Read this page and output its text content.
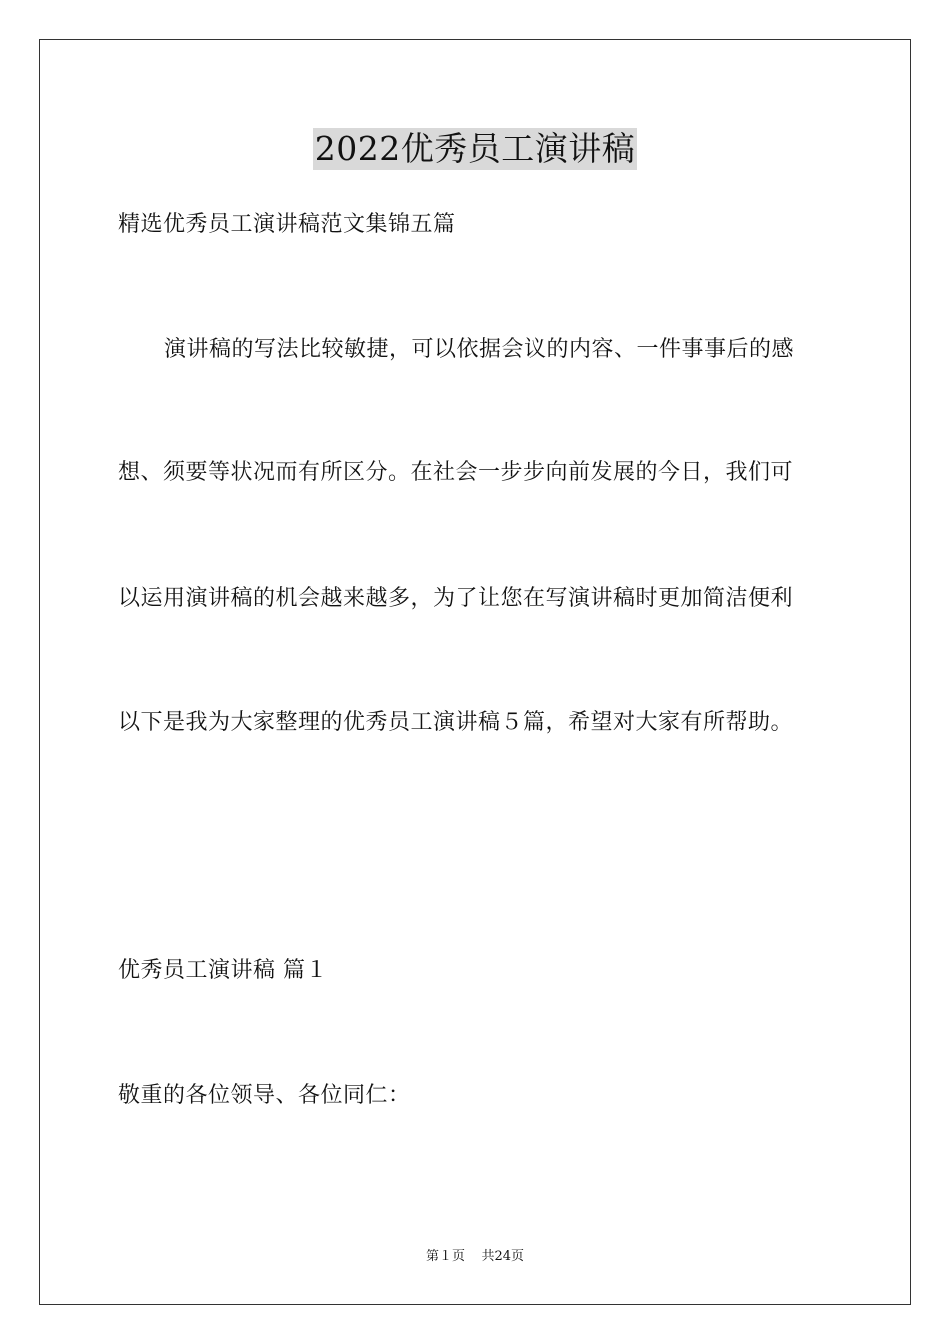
2022优秀员工演讲稿
精选优秀员工演讲稿范文集锦五篇
演讲稿的写法比较敏捷，可以依据会议的内容、一件事事后的感
想、须要等状况而有所区分。在社会一步步向前发展的今日，我们可
以运用演讲稿的机会越来越多，为了让您在写演讲稿时更加简洁便利
以下是我为大家整理的优秀员工演讲稿５篇，希望对大家有所帮助。
优秀员工演讲稿 篇１
敬重的各位领导、各位同仁：
第１页 共24页
